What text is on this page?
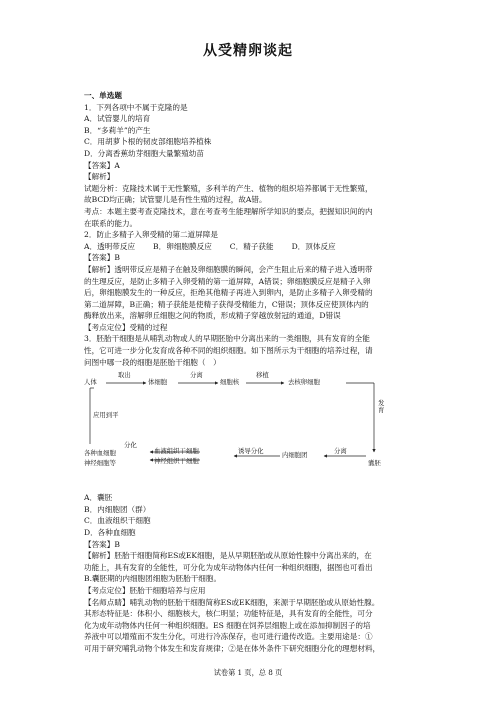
从受精卵谈起

一、单选题

1．下列各项中不属于克隆的是

A．试管婴儿的培育

B．“多莉羊”的产生

C．用胡萝卜根的韧皮部细胞培养植株

D．分离香蕉幼芽细胞大量繁殖幼苗

【答案】A

【解析】

试题分析：克隆技术属于无性繁殖，多利羊的产生、植物的组织培养都属于无性繁殖，

故BCD均正确；试管婴儿是有性生殖的过程，故A错。

考点：本题主要考查克隆技术，意在考查考生能理解所学知识的要点，把握知识间的内

在联系的能力。

2．防止多精子入卵受精的第二道屏障是

A．透明带反应 B．卵细胞膜反应 C．精子获能 D．顶体反应

【答案】B

【解析】透明带反应是精子在触及卵细胞膜的瞬间，会产生阻止后来的精子进入透明带

的生理反应，是防止多精子入卵受精的第一道屏障，A错误；卵细胞膜反应是精子入卵

后，卵细胞膜发生的一种反应，拒绝其他精子再进入到卵内，是防止多精子入卵受精的

第二道屏障，B正确；精子获能是使精子获得受精能力，C错误；顶体反应使顶体内的

酶释放出来，溶解卵丘细胞之间的物质，形成精子穿越放射冠的通道，D错误

【考点定位】受精的过程

3．胚胎干细胞是从哺乳动物或人的早期胚胎中分离出来的一类细胞，具有发育的全能

性，它可进一步分化发育成各种不同的组织细胞。如下图所示为干细胞的培养过程，请

问图中哪一段的细胞是胚胎干细胞（　）

人体
取出
体细胞
分离
细胞核
移植
去核卵细胞
发育
应用到平
分化
各种血细胞
神经细胞等
血液组织干细胞
神经组织干细胞
诱导分化	内细胞团	分离
囊胚

A．囊胚

B．内细胞团（群）

C．血液组织干细胞

D．各种血细胞

【答案】B

【解析】胚胎干细胞简称ES或EK细胞，是从早期胚胎或从原始性腺中分离出来的，在

功能上，具有发育的全能性，可分化为成年动物体内任何一种组织细胞，据图也可看出

B.囊胚期的内细胞团细胞为胚胎干细胞。

【考点定位】胚胎干细胞培养与应用

【名师点睛】哺乳动物的胚胎干细胞简称ES或EK细胞，来源于早期胚胎或从原始性腺。

其形态特征是：体积小、细胞核大，核仁明显；功能特征是，具有发育的全能性，可分

化为成年动物体内任何一种组织细胞。ES 细胞在饲养层细胞上或在添加抑制因子的培

养液中可以增殖而不发生分化，可进行冷冻保存，也可进行遗传改造。主要用途是：①

可用于研究哺乳动物个体发生和发育规律；②是在体外条件下研究细胞分化的理想材料，

试卷第 1 页，总 8 页
